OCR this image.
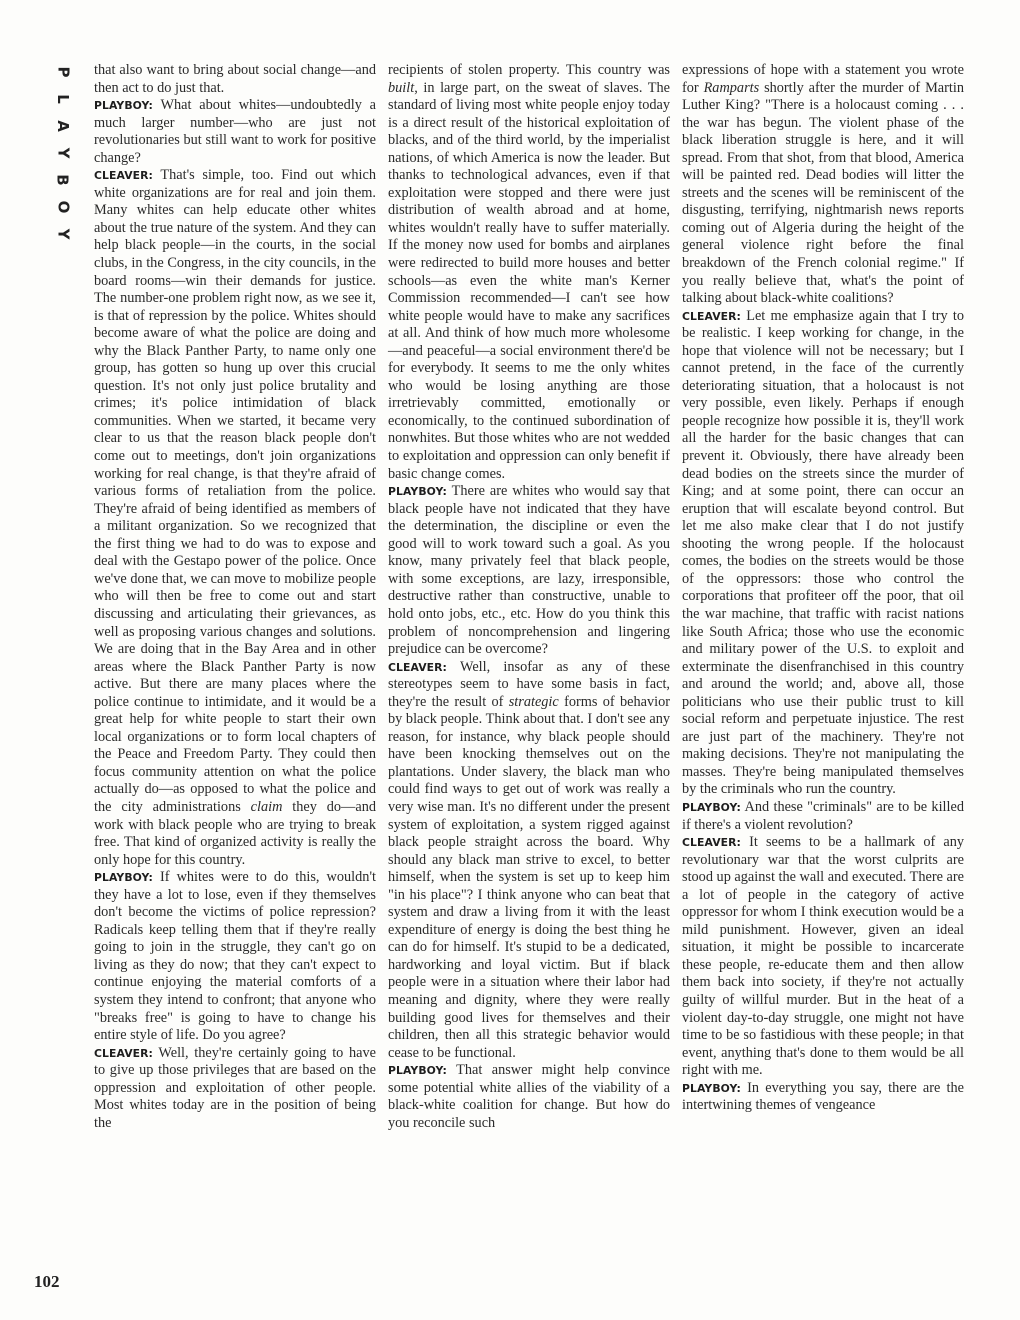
P
L
A
Y
B
O
Y
102

that also want to bring about social change—and then act to do just that.

PLAYBOY: What about whites—undoubtedly a much larger number—who are just not revolutionaries but still want to work for positive change?

CLEAVER: That's simple, too. Find out which white organizations are for real and join them. Many whites can help educate other whites about the true nature of the system. And they can help black people—in the courts, in the social clubs, in the Congress, in the city councils, in the board rooms—win their demands for justice. The number-one problem right now, as we see it, is that of repression by the police. Whites should become aware of what the police are doing and why the Black Panther Party, to name only one group, has gotten so hung up over this crucial question. It's not only just police brutality and crimes; it's police intimidation of black communities. When we started, it became very clear to us that the reason black people don't come out to meetings, don't join organizations working for real change, is that they're afraid of various forms of retaliation from the police. They're afraid of being identified as members of a militant organization. So we recognized that the first thing we had to do was to expose and deal with the Gestapo power of the police. Once we've done that, we can move to mobilize people who will then be free to come out and start discussing and articulating their grievances, as well as proposing various changes and solutions. We are doing that in the Bay Area and in other areas where the Black Panther Party is now active. But there are many places where the police continue to intimidate, and it would be a great help for white people to start their own local organizations or to form local chapters of the Peace and Freedom Party. They could then focus community attention on what the police actually do—as opposed to what the police and the city administrations claim they do—and work with black people who are trying to break free. That kind of organized activity is really the only hope for this country.

PLAYBOY: If whites were to do this, wouldn't they have a lot to lose, even if they themselves don't become the victims of police repression? Radicals keep telling them that if they're really going to join in the struggle, they can't go on living as they do now; that they can't expect to continue enjoying the material comforts of a system they intend to confront; that anyone who "breaks free" is going to have to change his entire style of life. Do you agree?

CLEAVER: Well, they're certainly going to have to give up those privileges that are based on the oppression and exploitation of other people. Most whites today are in the position of being the

recipients of stolen property. This country was built, in large part, on the sweat of slaves. The standard of living most white people enjoy today is a direct result of the historical exploitation of blacks, and of the third world, by the imperialist nations, of which America is now the leader. But thanks to technological advances, even if that exploitation were stopped and there were just distribution of wealth abroad and at home, whites wouldn't really have to suffer materially. If the money now used for bombs and airplanes were redirected to build more houses and better schools—as even the white man's Kerner Commission recommended—I can't see how white people would have to make any sacrifices at all. And think of how much more wholesome—and peaceful—a social environment there'd be for everybody. It seems to me the only whites who would be losing anything are those irretrievably committed, emotionally or economically, to the continued subordination of nonwhites. But those whites who are not wedded to exploitation and oppression can only benefit if basic change comes.

PLAYBOY: There are whites who would say that black people have not indicated that they have the determination, the discipline or even the good will to work toward such a goal. As you know, many privately feel that black people, with some exceptions, are lazy, irresponsible, destructive rather than constructive, unable to hold onto jobs, etc., etc. How do you think this problem of noncomprehension and lingering prejudice can be overcome?

CLEAVER: Well, insofar as any of these stereotypes seem to have some basis in fact, they're the result of strategic forms of behavior by black people. Think about that. I don't see any reason, for instance, why black people should have been knocking themselves out on the plantations. Under slavery, the black man who could find ways to get out of work was really a very wise man. It's no different under the present system of exploitation, a system rigged against black people straight across the board. Why should any black man strive to excel, to better himself, when the system is set up to keep him "in his place"? I think anyone who can beat that system and draw a living from it with the least expenditure of energy is doing the best thing he can do for himself. It's stupid to be a dedicated, hardworking and loyal victim. But if black people were in a situation where their labor had meaning and dignity, where they were really building good lives for themselves and their children, then all this strategic behavior would cease to be functional.

PLAYBOY: That answer might help convince some potential white allies of the viability of a black-white coalition for change. But how do you reconcile such

expressions of hope with a statement you wrote for Ramparts shortly after the murder of Martin Luther King? "There is a holocaust coming . . . the war has begun. The violent phase of the black liberation struggle is here, and it will spread. From that shot, from that blood, America will be painted red. Dead bodies will litter the streets and the scenes will be reminiscent of the disgusting, terrifying, nightmarish news reports coming out of Algeria during the height of the general violence right before the final breakdown of the French colonial regime." If you really believe that, what's the point of talking about black-white coalitions?

CLEAVER: Let me emphasize again that I try to be realistic. I keep working for change, in the hope that violence will not be necessary; but I cannot pretend, in the face of the currently deteriorating situation, that a holocaust is not very possible, even likely. Perhaps if enough people recognize how possible it is, they'll work all the harder for the basic changes that can prevent it. Obviously, there have already been dead bodies on the streets since the murder of King; and at some point, there can occur an eruption that will escalate beyond control. But let me also make clear that I do not justify shooting the wrong people. If the holocaust comes, the bodies on the streets would be those of the oppressors: those who control the corporations that profiteer off the poor, that oil the war machine, that traffic with racist nations like South Africa; those who use the economic and military power of the U.S. to exploit and exterminate the disenfranchised in this country and around the world; and, above all, those politicians who use their public trust to kill social reform and perpetuate injustice. The rest are just part of the machinery. They're not making decisions. They're not manipulating the masses. They're being manipulated themselves by the criminals who run the country.

PLAYBOY: And these "criminals" are to be killed if there's a violent revolution?

CLEAVER: It seems to be a hallmark of any revolutionary war that the worst culprits are stood up against the wall and executed. There are a lot of people in the category of active oppressor for whom I think execution would be a mild punishment. However, given an ideal situation, it might be possible to incarcerate these people, re-educate them and then allow them back into society, if they're not actually guilty of willful murder. But in the heat of a violent day-to-day struggle, one might not have time to be so fastidious with these people; in that event, anything that's done to them would be all right with me.

PLAYBOY: In everything you say, there are the intertwining themes of vengeance
